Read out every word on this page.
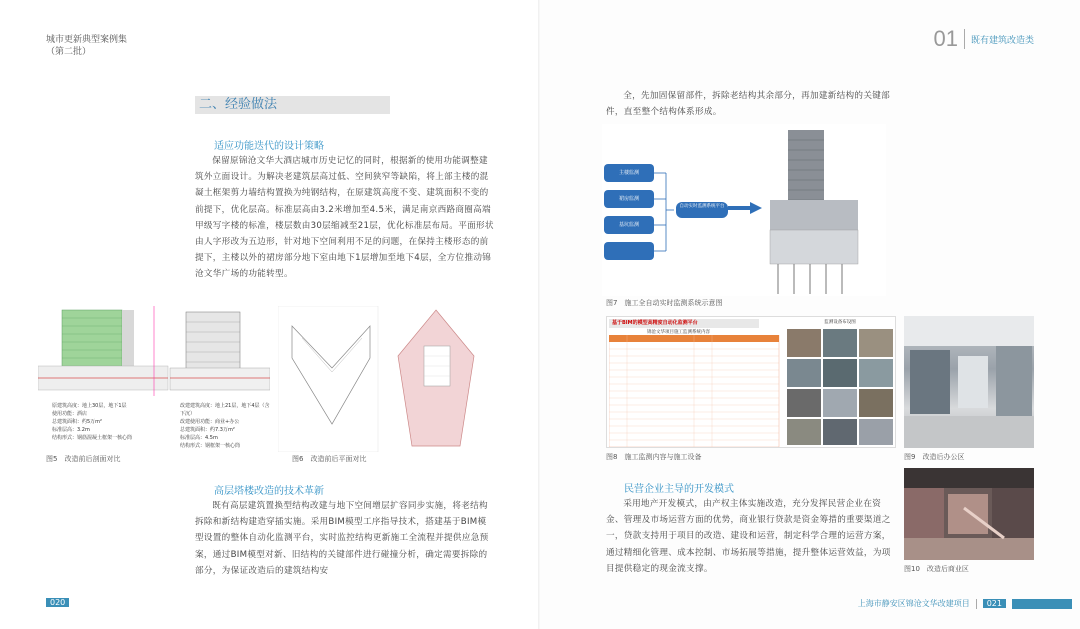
城市更新典型案例集
（第二批）
二、经验做法
适应功能迭代的设计策略
保留原锦沧文华大酒店城市历史记忆的同时，根据新的使用功能调整建筑外立面设计。为解决老建筑层高过低、空间狭窄等缺陷，将上部主楼的混凝土框架剪力墙结构置换为纯钢结构，在原建筑高度不变、建筑面积不变的前提下，优化层高。标准层高由3.2米增加至4.5米，满足南京西路商圈高端甲级写字楼的标准，楼层数由30层缩减至21层，优化标准层布局。平面形状由人字形改为五边形，针对地下空间利用不足的问题，在保持主楼形态的前提下，主楼以外的裙房部分地下室由地下1层增加至地下4层，全方位推动锦沧文华广场的功能转型。
原建筑高度：地上30层，地下1层
使用功能：酒店
总建筑面积：约5万m²
标准层高：3.2m
结构形式：钢筋混凝土框架一核心筒
改建建筑高度：地上21层，地下4层（含下沉）
改建使用功能：商业+办公
总建筑面积：约7.3万m²
标准层高：4.5m
结构形式：钢框架一核心筒
图5　改造前后剖面对比	图6　改造前后平面对比
高层塔楼改造的技术革新
既有高层建筑置换型结构改建与地下空间增层扩容同步实施，将老结构拆除和新结构建造穿插实施。采用BIM模型工序指导技术，搭建基于BIM模型设置的整体自动化监测平台，实时监控结构更新施工全流程并提供应急预案，通过BIM模型对新、旧结构的关键部件进行碰撞分析，确定需要拆除的部分，为保证改造后的建筑结构安
020
01 既有建筑改造类
全，先加固保留部件，拆除老结构其余部分，再加建新结构的关键部件，直至整个结构体系形成。
主楼监测
裙房监测
基坑监测
自动实时监测系统平台
图7　施工全自动实时监测系统示意图
基于BIM的模型高精度自动化监测平台
锦沧文华项目施工监测系统内容
监测设备布设图
图8　施工监测内容与施工设备	图9　改造后办公区
图10　改造后商业区
民营企业主导的开发模式
采用地产开发模式，由产权主体实施改造，充分发挥民营企业在资金、管理及市场运营方面的优势，商业银行贷款是资金筹措的重要渠道之一，贷款支持用于项目的改造、建设和运营，制定科学合理的运营方案，通过精细化管理、成本控制、市场拓展等措施，提升整体运营效益，为项目提供稳定的现金流支撑。
上海市静安区锦沧文华改建项目	021
